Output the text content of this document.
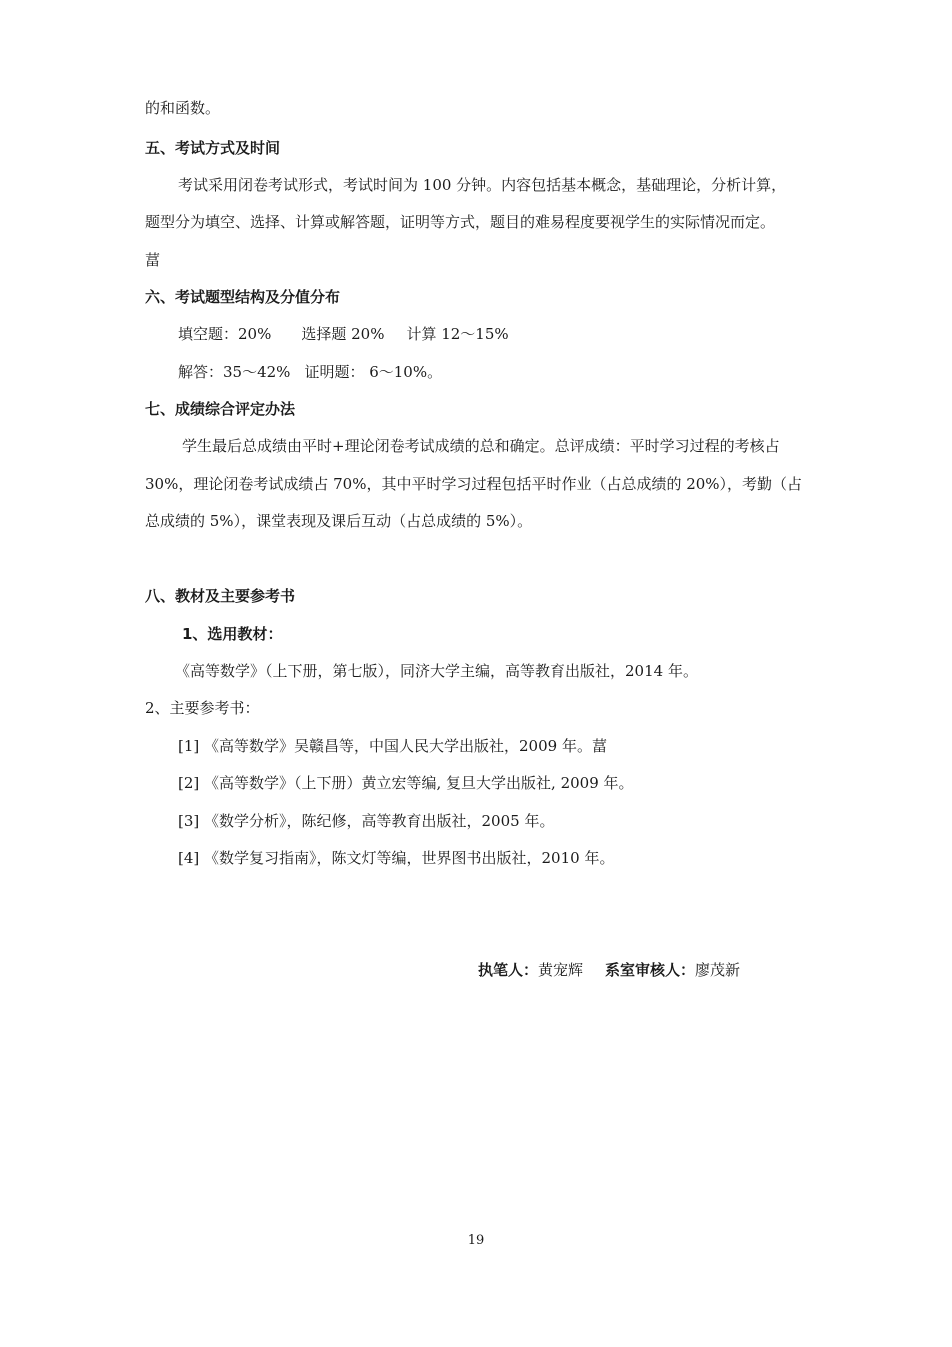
的和函数。
五、考试方式及时间
考试采用闭卷考试形式，考试时间为 100 分钟。内容包括基本概念，基础理论，分析计算，
题型分为填空、选择、计算或解答题，证明等方式，题目的难易程度要视学生的实际情况而定。
葍
六、考试题型结构及分值分布
填空题：20% 选择题 20% 计算 12～15%
解答：35～42% 证明题： 6～10%。
七、成绩综合评定办法
学生最后总成绩由平时+理论闭卷考试成绩的总和确定。总评成绩：平时学习过程的考核占
30%，理论闭卷考试成绩占 70%，其中平时学习过程包括平时作业（占总成绩的 20%），考勤（占
总成绩的 5%），课堂表现及课后互动（占总成绩的 5%）。
八、教材及主要参考书
1、选用教材：
《高等数学》（上下册，第七版），同济大学主编，高等教育出版社，2014 年。
2、主要参考书：
[1] 《高等数学》吴赣昌等，中国人民大学出版社，2009 年。葍
[2] 《高等数学》（上下册）黄立宏等编, 复旦大学出版社, 2009 年。
[3] 《数学分析》，陈纪修，高等教育出版社，2005 年。
[4] 《数学复习指南》，陈文灯等编，世界图书出版社，2010 年。
执笔人：黄宠辉 系室审核人：廖茂新
19
